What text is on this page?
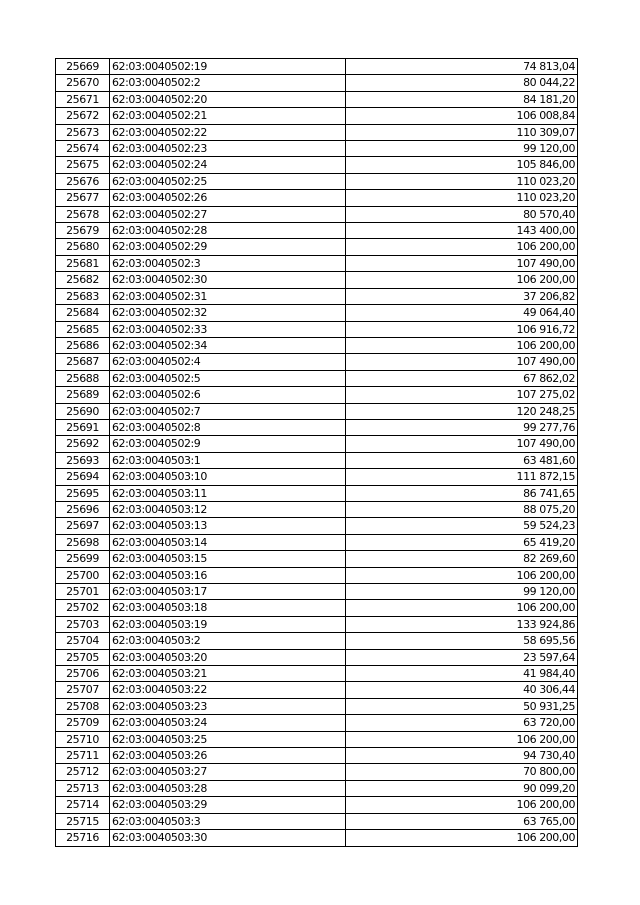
25669	62:03:0040502:19	74 813,04
25670	62:03:0040502:2	80 044,22
25671	62:03:0040502:20	84 181,20
25672	62:03:0040502:21	106 008,84
25673	62:03:0040502:22	110 309,07
25674	62:03:0040502:23	99 120,00
25675	62:03:0040502:24	105 846,00
25676	62:03:0040502:25	110 023,20
25677	62:03:0040502:26	110 023,20
25678	62:03:0040502:27	80 570,40
25679	62:03:0040502:28	143 400,00
25680	62:03:0040502:29	106 200,00
25681	62:03:0040502:3	107 490,00
25682	62:03:0040502:30	106 200,00
25683	62:03:0040502:31	37 206,82
25684	62:03:0040502:32	49 064,40
25685	62:03:0040502:33	106 916,72
25686	62:03:0040502:34	106 200,00
25687	62:03:0040502:4	107 490,00
25688	62:03:0040502:5	67 862,02
25689	62:03:0040502:6	107 275,02
25690	62:03:0040502:7	120 248,25
25691	62:03:0040502:8	99 277,76
25692	62:03:0040502:9	107 490,00
25693	62:03:0040503:1	63 481,60
25694	62:03:0040503:10	111 872,15
25695	62:03:0040503:11	86 741,65
25696	62:03:0040503:12	88 075,20
25697	62:03:0040503:13	59 524,23
25698	62:03:0040503:14	65 419,20
25699	62:03:0040503:15	82 269,60
25700	62:03:0040503:16	106 200,00
25701	62:03:0040503:17	99 120,00
25702	62:03:0040503:18	106 200,00
25703	62:03:0040503:19	133 924,86
25704	62:03:0040503:2	58 695,56
25705	62:03:0040503:20	23 597,64
25706	62:03:0040503:21	41 984,40
25707	62:03:0040503:22	40 306,44
25708	62:03:0040503:23	50 931,25
25709	62:03:0040503:24	63 720,00
25710	62:03:0040503:25	106 200,00
25711	62:03:0040503:26	94 730,40
25712	62:03:0040503:27	70 800,00
25713	62:03:0040503:28	90 099,20
25714	62:03:0040503:29	106 200,00
25715	62:03:0040503:3	63 765,00
25716	62:03:0040503:30	106 200,00
